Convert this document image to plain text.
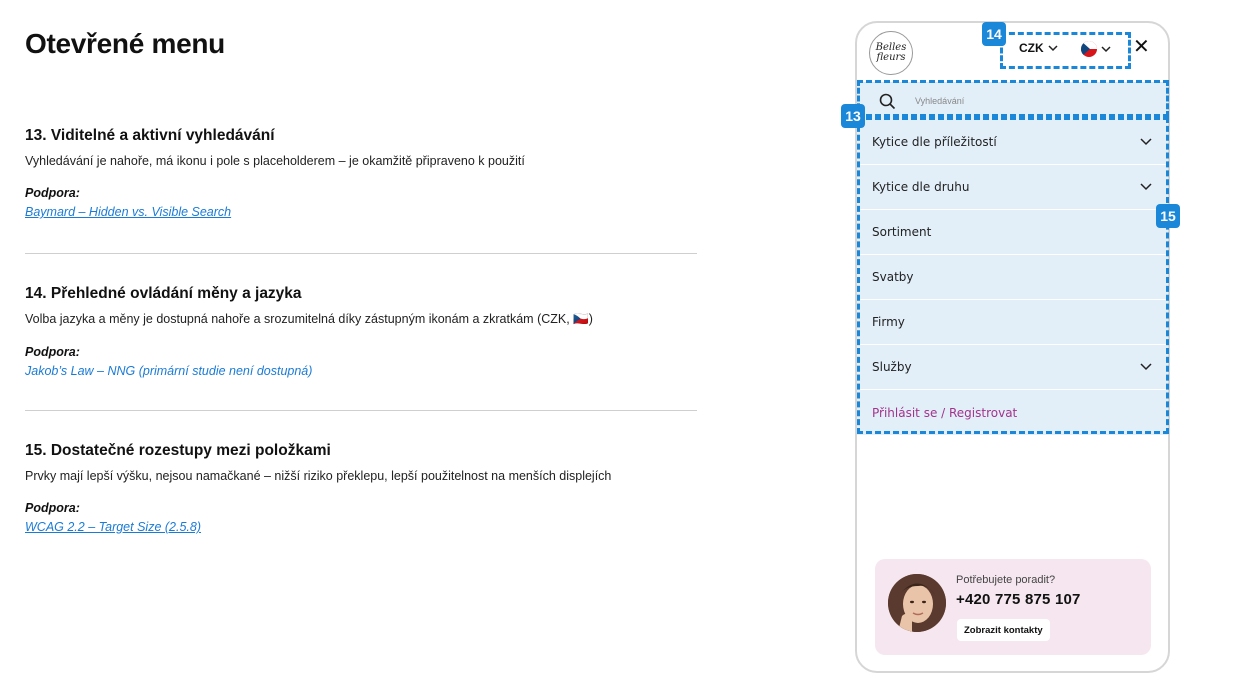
Otevřené menu
13. Viditelné a aktivní vyhledávání
Vyhledávání je nahoře, má ikonu i pole s placeholderem – je okamžitě připraveno k použití
Podpora:
Baymard – Hidden vs. Visible Search
14. Přehledné ovládání měny a jazyka
Volba jazyka a měny je dostupná nahoře a srozumitelná díky zástupným ikonám a zkratkám (CZK, 🇨🇿)
Podpora:
Jakob’s Law – NNG (primární studie není dostupná)
15. Dostatečné rozestupy mezi položkami
Prvky mají lepší výšku, nejsou namačkané – nižší riziko překlepu, lepší použitelnost na menších displejích
Podpora:
WCAG 2.2 – Target Size (2.5.8)
Belles
fleurs
CZK	✕
Vyhledávání
Kytice dle příležitostí
Kytice dle druhu
Sortiment
Svatby
Firmy
Služby
Přihlásit se / Registrovat
Potřebujete poradit?
+420 775 875 107
Zobrazit kontakty
14
13
15
